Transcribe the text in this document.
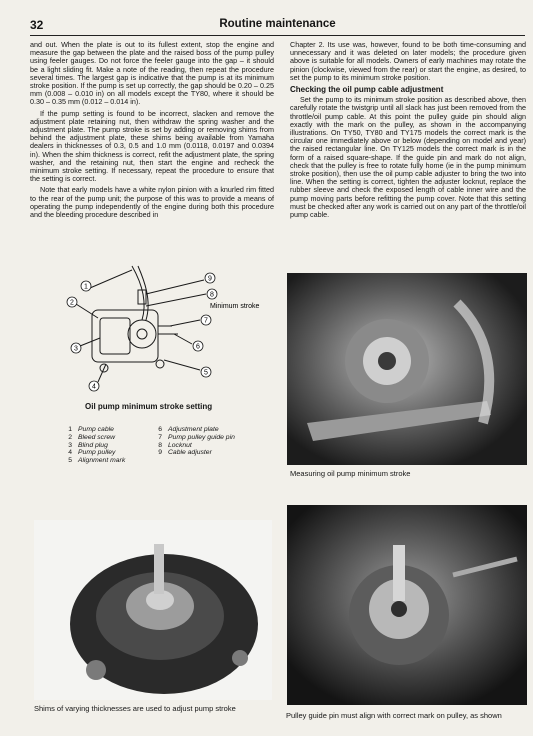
32	Routine maintenance

and out. When the plate is out to its fullest extent, stop the engine and measure the gap between the plate and the raised boss of the pump pulley using feeler gauges. Do not force the feeler gauge into the gap – it should be a light sliding fit. Make a note of the reading, then repeat the procedure several times. The largest gap is indicative that the pump is at its minimum stroke position. If the pump is set up correctly, the gap should be 0.20 – 0.25 mm (0.008 – 0.010 in) on all models except the TY80, where it should be 0.30 – 0.35 mm (0.012 – 0.014 in).

If the pump setting is found to be incorrect, slacken and remove the adjustment plate retaining nut, then withdraw the spring washer and the adjustment plate. The pump stroke is set by adding or removing shims from behind the adjustment plate, these shims being available from Yamaha dealers in thicknesses of 0.3, 0.5 and 1.0 mm (0.0118, 0.0197 and 0.0394 in). When the shim thickness is correct, refit the adjustment plate, the spring washer, and the retaining nut, then start the engine and recheck the minimum stroke setting. If necessary, repeat the procedure to ensure that the setting is correct.

Note that early models have a white nylon pinion with a knurled rim fitted to the rear of the pump unit; the purpose of this was to provide a means of operating the pump independently of the engine during both this procedure and the bleeding procedure described in

Chapter 2. Its use was, however, found to be both time-consuming and unnecessary and it was deleted on later models; the procedure given above is suitable for all models. Owners of early machines may rotate the pinion (clockwise, viewed from the rear) or start the engine, as desired, to set the pump to its minimum stroke position.

Checking the oil pump cable adjustment

Set the pump to its minimum stroke position as described above, then carefully rotate the twistgrip until all slack has just been removed from the throttle/oil pump cable. At this point the pulley guide pin should align exactly with the mark on the pulley, as shown in the accompanying illustrations. On TY50, TY80 and TY175 models the correct mark is the circular one immediately above or below (depending on model and year) the raised rectangular line. On TY125 models the correct mark is in the form of a raised square-shape. If the guide pin and mark do not align, check that the pulley is free to rotate fully home (ie in the pump minimum stroke position), then use the oil pump cable adjuster to bring the two into line. When the setting is correct, tighten the adjuster locknut, replace the rubber sleeve and check the exposed length of cable inner wire and the pump moving parts before refitting the pump cover. Note that this setting must be checked after any work is carried out on any part of the throttle/oil pump cable.

2
3
4
5
1
9
8
7
6
Minimum stroke
Oil pump minimum stroke setting
1 Pump cable
2 Bleed screw
3 Blind plug
4 Pump pulley
5 Alignment mark
6 Adjustment plate
7 Pump pulley guide pin
8 Locknut
9 Cable adjuster
Measuring oil pump minimum stroke
Shims of varying thicknesses are used to adjust pump stroke
Pulley guide pin must align with correct mark on pulley, as shown
